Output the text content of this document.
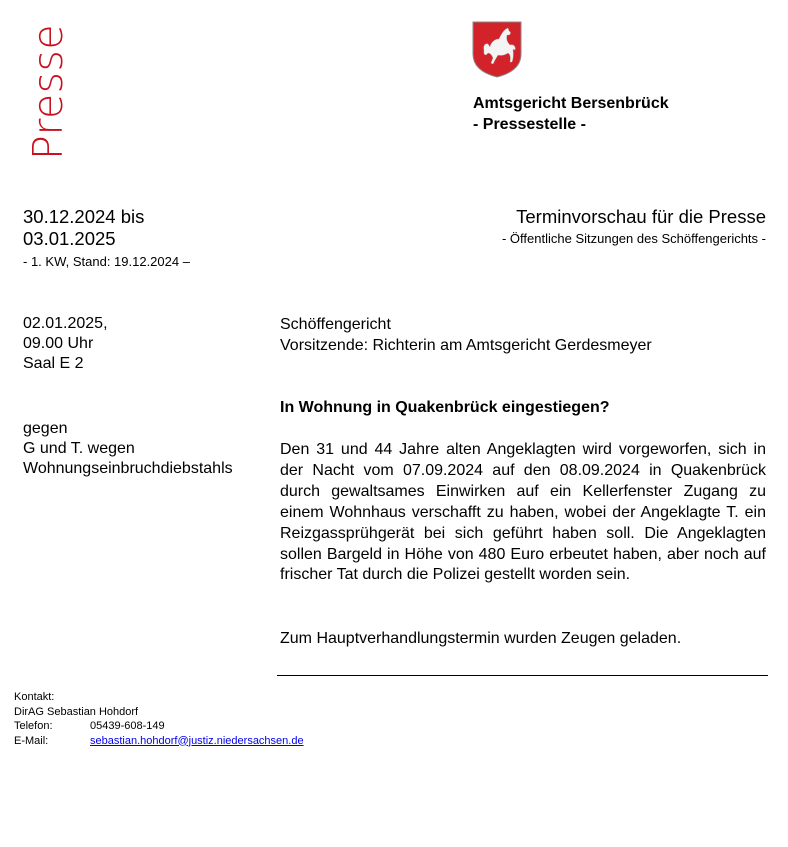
Presse	Amtsgericht Bersenbrück
- Pressestelle -
30.12.2024 bis
03.01.2025
- 1. KW, Stand: 19.12.2024 –
Terminvorschau für die Presse
- Öffentliche Sitzungen des Schöffengerichts -
02.01.2025,
09.00 Uhr
Saal E 2
gegen
G und T. wegen
Wohnungseinbruchdiebstahls
Schöffengericht
Vorsitzende: Richterin am Amtsgericht Gerdesmeyer
In Wohnung in Quakenbrück eingestiegen?
Den 31 und 44 Jahre alten Angeklagten wird vorgeworfen, sich in der Nacht vom 07.09.2024 auf den 08.09.2024 in Quakenbrück durch gewaltsames Einwirken auf ein Kellerfenster Zugang zu einem Wohnhaus verschafft zu haben, wobei der Angeklagte T. ein Reizgassprühgerät bei sich geführt haben soll. Die Angeklagten sollen Bargeld in Höhe von 480 Euro erbeutet haben, aber noch auf frischer Tat durch die Polizei gestellt worden sein.
Zum Hauptverhandlungstermin wurden Zeugen geladen.
Kontakt:
DirAG Sebastian Hohdorf
Telefon:	05439-608-149
E-Mail:	sebastian.hohdorf@justiz.niedersachsen.de
